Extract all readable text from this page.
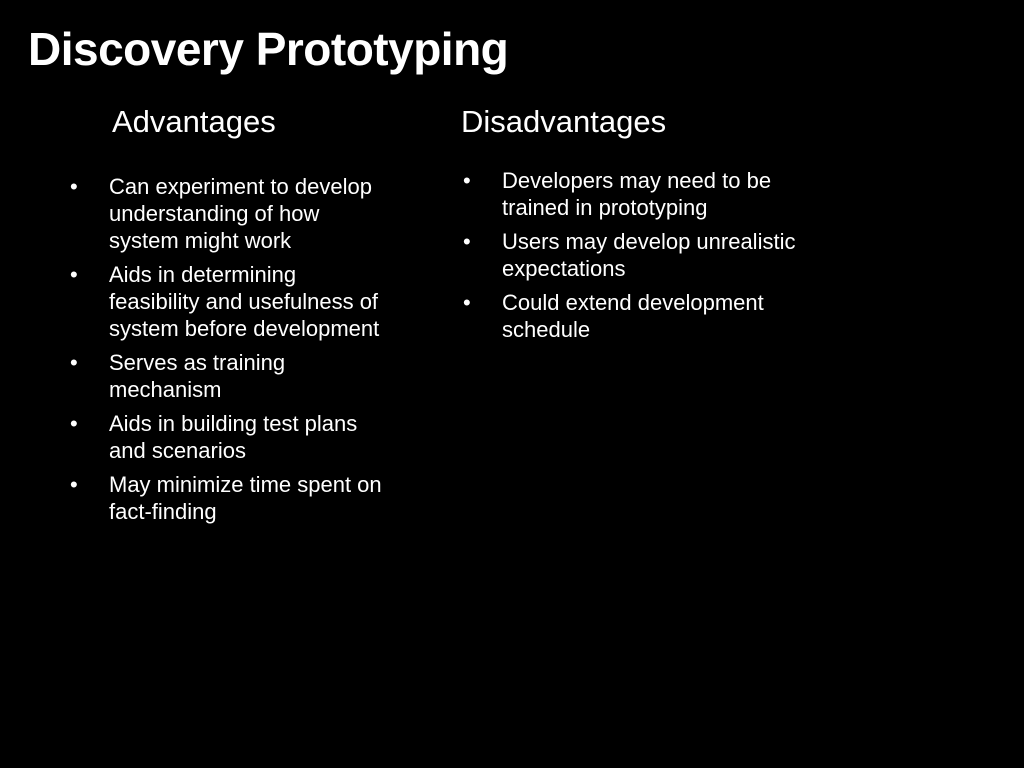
Discovery Prototyping
Advantages	Disadvantages
•	Can experiment to develop understanding of how system might work
•	Aids in determining feasibility and usefulness of system before development
•	Serves as training mechanism
•	Aids in building test plans and scenarios
•	May minimize time spent on fact-finding
•	Developers may need to be trained in prototyping
•	Users may develop unrealistic expectations
•	Could extend development schedule
